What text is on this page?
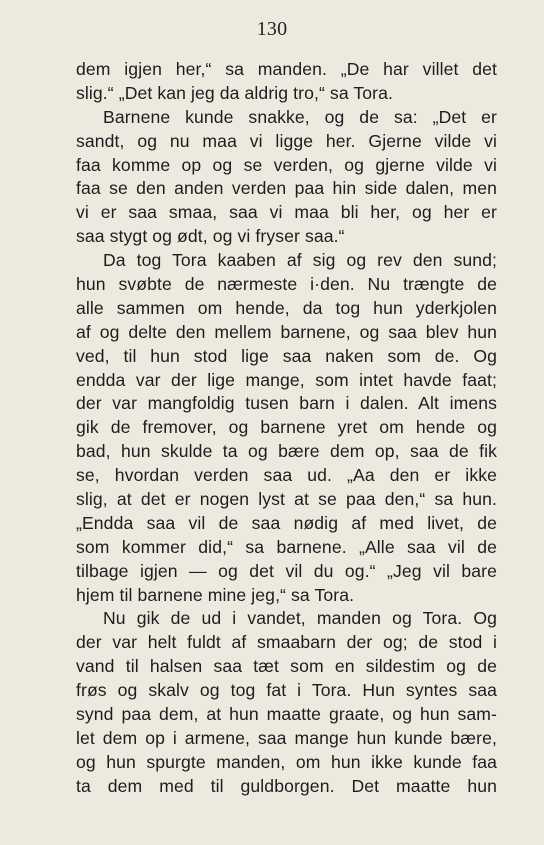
130
dem igjen her,“ sa manden. „De har villet det
slig.“ „Det kan jeg da aldrig tro,“ sa Tora.
Barnene kunde snakke, og de sa: „Det er
sandt, og nu maa vi ligge her. Gjerne vilde vi
faa komme op og se verden, og gjerne vilde vi
faa se den anden verden paa hin side dalen, men
vi er saa smaa, saa vi maa bli her, og her er
saa stygt og ødt, og vi fryser saa.“
Da tog Tora kaaben af sig og rev den sund;
hun svøbte de nærmeste i·den. Nu trængte de
alle sammen om hende, da tog hun yderkjolen
af og delte den mellem barnene, og saa blev hun
ved, til hun stod lige saa naken som de. Og
endda var der lige mange, som intet havde faat;
der var mangfoldig tusen barn i dalen. Alt imens
gik de fremover, og barnene yret om hende og
bad, hun skulde ta og bære dem op, saa de fik
se, hvordan verden saa ud. „Aa den er ikke
slig, at det er nogen lyst at se paa den,“ sa hun.
„Endda saa vil de saa nødig af med livet, de
som kommer did,“ sa barnene. „Alle saa vil de
tilbage igjen — og det vil du og.“ „Jeg vil bare
hjem til barnene mine jeg,“ sa Tora.
Nu gik de ud i vandet, manden og Tora. Og
der var helt fuldt af smaabarn der og; de stod i
vand til halsen saa tæt som en sildestim og de
frøs og skalv og tog fat i Tora. Hun syntes saa
synd paa dem, at hun maatte graate, og hun sam-
let dem op i armene, saa mange hun kunde bære,
og hun spurgte manden, om hun ikke kunde faa
ta dem med til guldborgen. Det maatte hun
